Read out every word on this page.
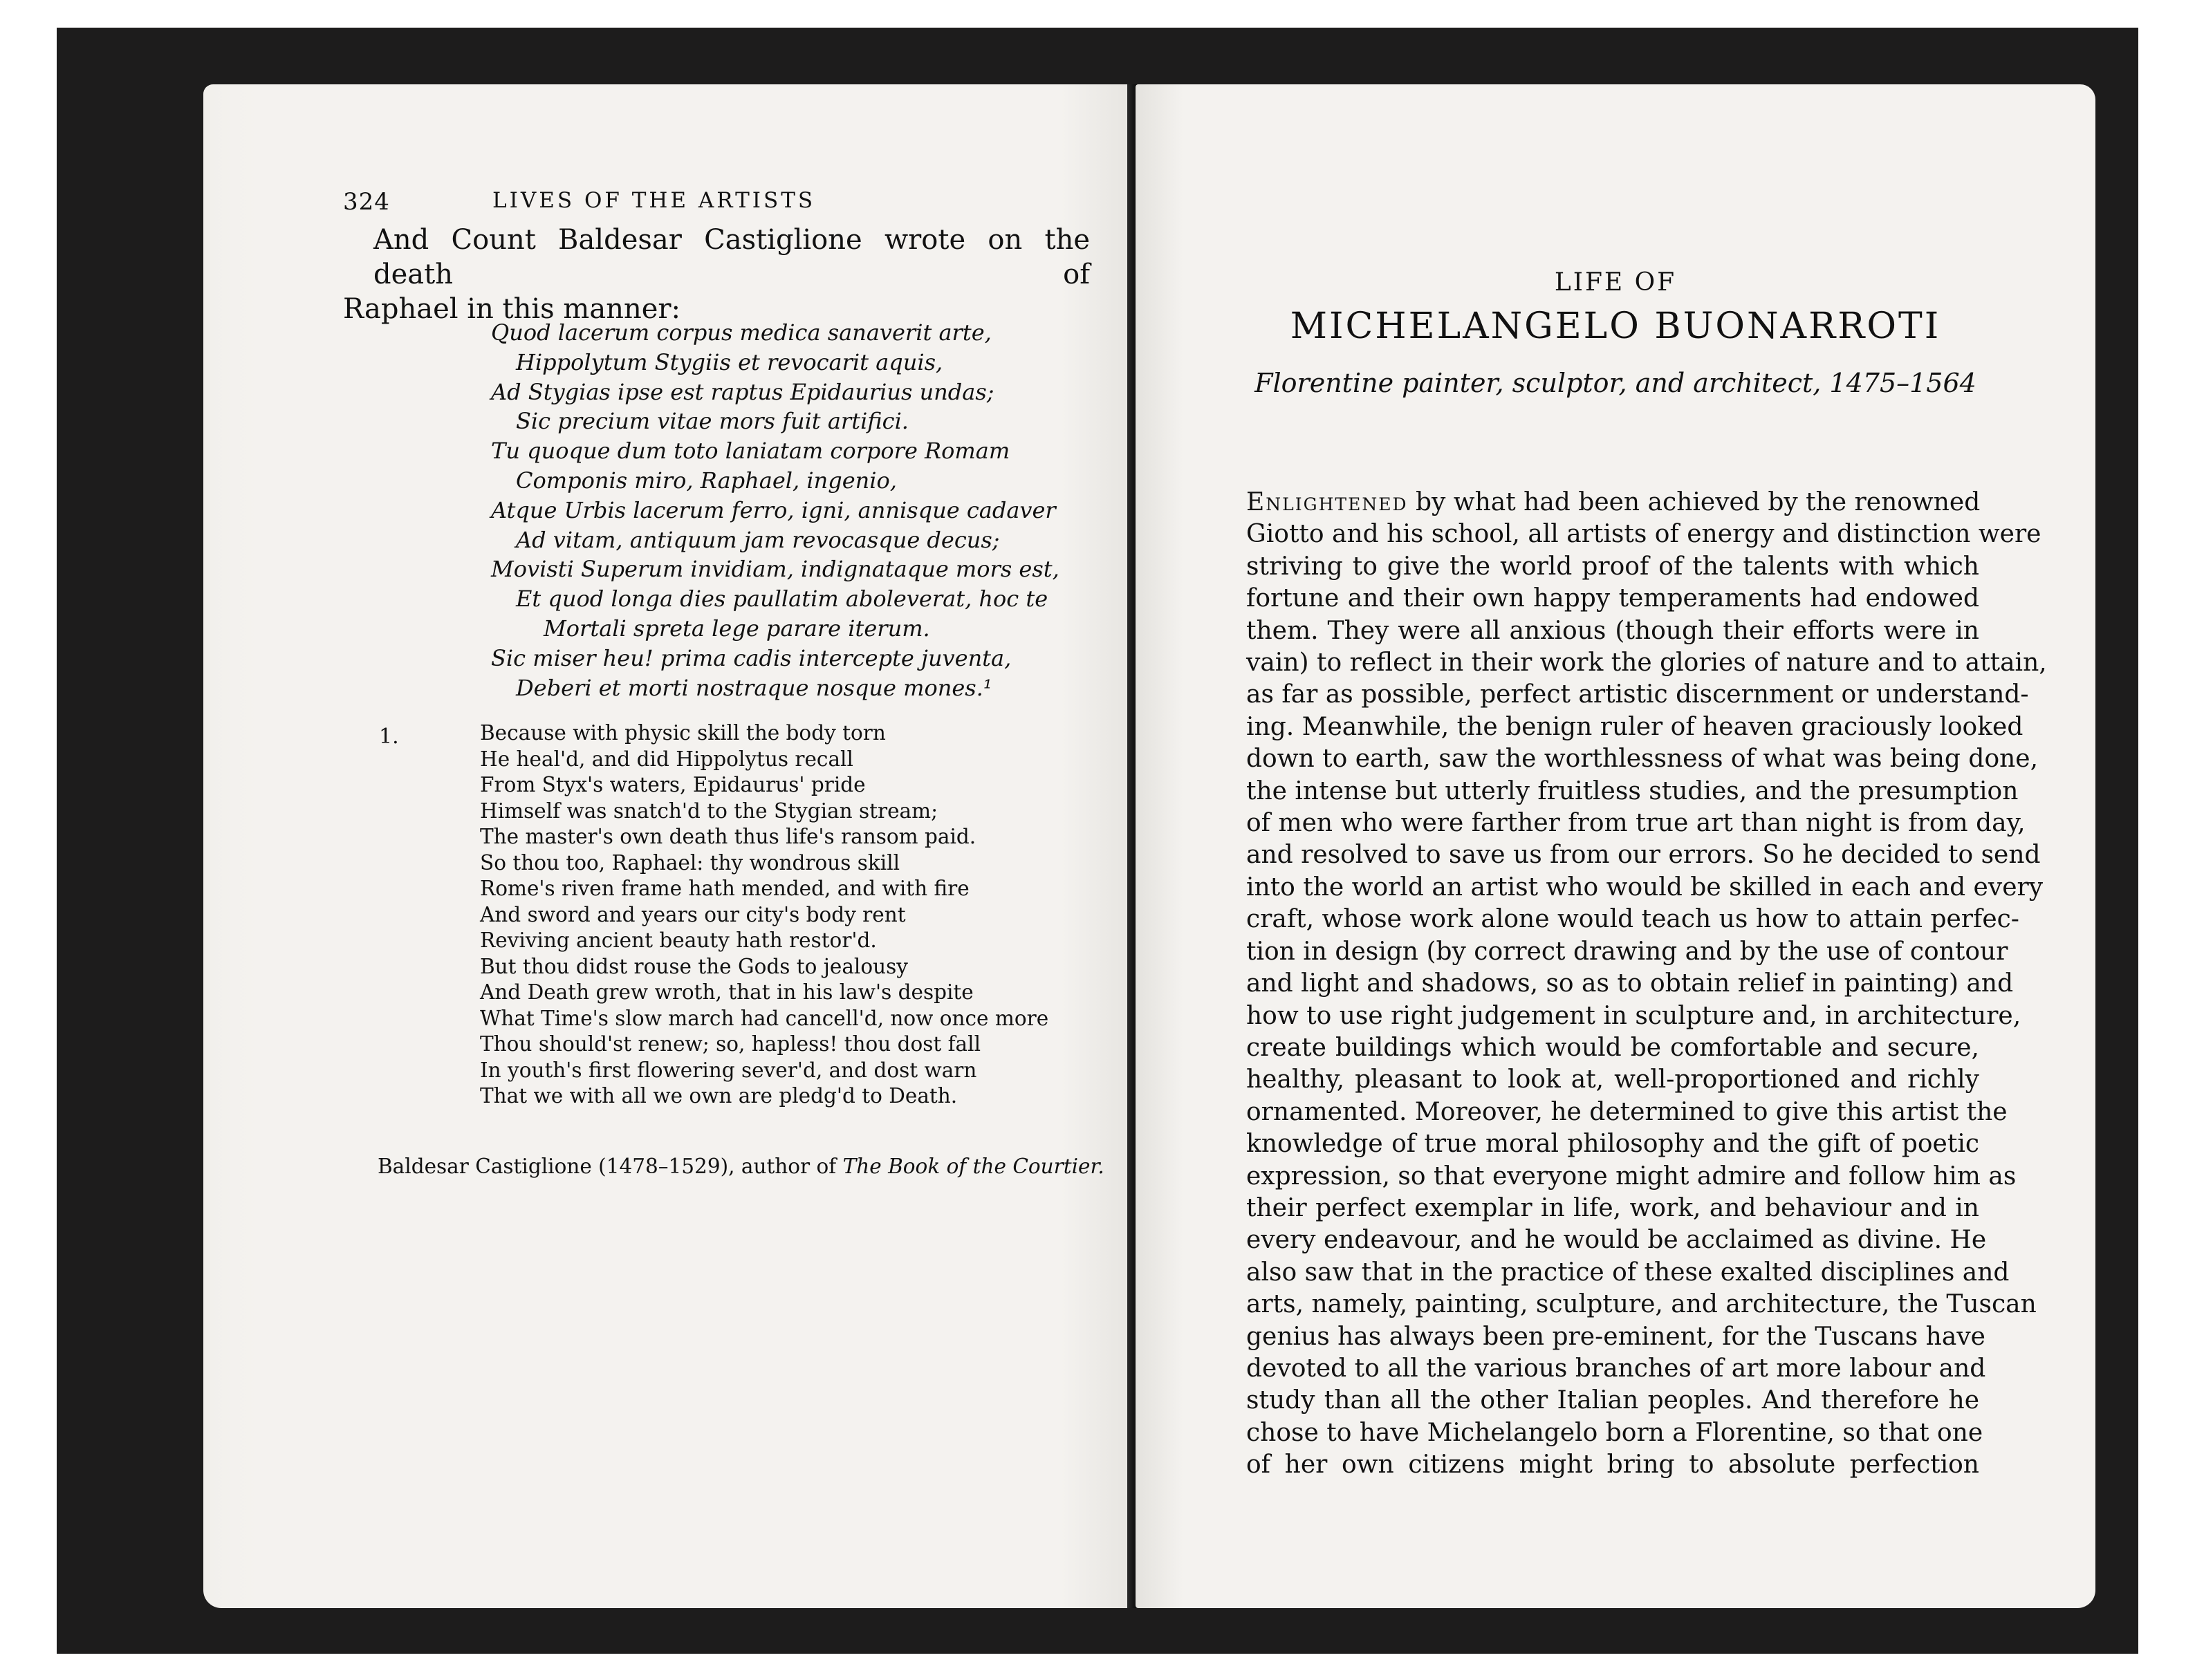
324	LIVES OF THE ARTISTS
And Count Baldesar Castiglione wrote on the death of
Raphael in this manner:
Quod lacerum corpus medica sanaverit arte,
Hippolytum Stygiis et revocarit aquis,
Ad Stygias ipse est raptus Epidaurius undas;
Sic precium vitae mors fuit artifici.
Tu quoque dum toto laniatam corpore Romam
Componis miro, Raphael, ingenio,
Atque Urbis lacerum ferro, igni, annisque cadaver
Ad vitam, antiquum jam revocasque decus;
Movisti Superum invidiam, indignataque mors est,
Et quod longa dies paullatim aboleverat, hoc te
Mortali spreta lege parare iterum.
Sic miser heu! prima cadis intercepte juventa,
Deberi et morti nostraque nosque mones.¹
1.	Because with physic skill the body torn
He heal'd, and did Hippolytus recall
From Styx's waters, Epidaurus' pride
Himself was snatch'd to the Stygian stream;
The master's own death thus life's ransom paid.
So thou too, Raphael: thy wondrous skill
Rome's riven frame hath mended, and with fire
And sword and years our city's body rent
Reviving ancient beauty hath restor'd.
But thou didst rouse the Gods to jealousy
And Death grew wroth, that in his law's despite
What Time's slow march had cancell'd, now once more
Thou should'st renew; so, hapless! thou dost fall
In youth's first flowering sever'd, and dost warn
That we with all we own are pledg'd to Death.
Baldesar Castiglione (1478–1529), author of The Book of the Courtier.
LIFE OF
MICHELANGELO BUONARROTI
Florentine painter, sculptor, and architect, 1475–1564
Enlightened by what had been achieved by the renowned
Giotto and his school, all artists of energy and distinction were
striving to give the world proof of the talents with which
fortune and their own happy temperaments had endowed
them. They were all anxious (though their efforts were in
vain) to reflect in their work the glories of nature and to attain,
as far as possible, perfect artistic discernment or understand-
ing. Meanwhile, the benign ruler of heaven graciously looked
down to earth, saw the worthlessness of what was being done,
the intense but utterly fruitless studies, and the presumption
of men who were farther from true art than night is from day,
and resolved to save us from our errors. So he decided to send
into the world an artist who would be skilled in each and every
craft, whose work alone would teach us how to attain perfec-
tion in design (by correct drawing and by the use of contour
and light and shadows, so as to obtain relief in painting) and
how to use right judgement in sculpture and, in architecture,
create buildings which would be comfortable and secure,
healthy, pleasant to look at, well-proportioned and richly
ornamented. Moreover, he determined to give this artist the
knowledge of true moral philosophy and the gift of poetic
expression, so that everyone might admire and follow him as
their perfect exemplar in life, work, and behaviour and in
every endeavour, and he would be acclaimed as divine. He
also saw that in the practice of these exalted disciplines and
arts, namely, painting, sculpture, and architecture, the Tuscan
genius has always been pre-eminent, for the Tuscans have
devoted to all the various branches of art more labour and
study than all the other Italian peoples. And therefore he
chose to have Michelangelo born a Florentine, so that one
of her own citizens might bring to absolute perfection
Excerpt from Giorgio Vasari's Lives of the Artists, Second edition, Florence, 1568,
Penguin Classic: London, 1965, [Translation George Bull], p. 324–27
